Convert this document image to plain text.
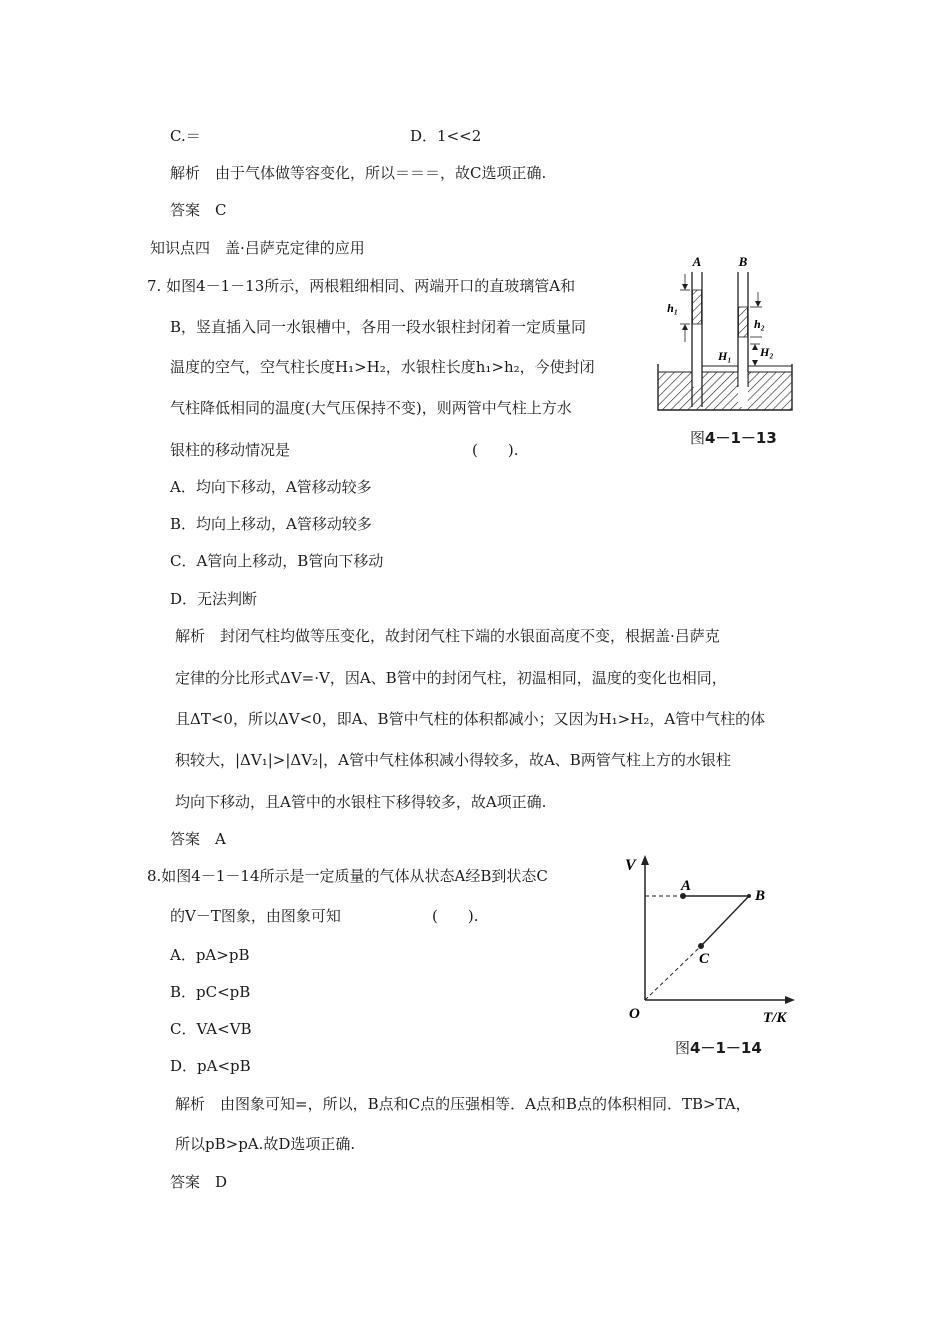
C.＝	D．1<<2
解析　 由于气体做等容变化，所以＝＝＝，故C选项正确.
答案　 C
知识点四　盖·吕萨克定律的应用
7. 如图4－1－13所示，两根粗细相同、两端开口的直玻璃管A和
B，竖直插入同一水银槽中，各用一段水银柱封闭着一定质量同
温度的空气，空气柱长度H₁>H₂，水银柱长度h₁>h₂，今使封闭
气柱降低相同的温度(大气压保持不变)，则两管中气柱上方水
银柱的移动情况是	(　　).
A．均向下移动，A管移动较多
B．均向上移动，A管移动较多
C．A管向上移动，B管向下移动
D．无法判断
解析　 封闭气柱均做等压变化，故封闭气柱下端的水银面高度不变，根据盖·吕萨克
定律的分比形式ΔV=·V，因A、B管中的封闭气柱，初温相同，温度的变化也相同，
且ΔT<0，所以ΔV<0，即A、B管中气柱的体积都减小；又因为H₁>H₂，A管中气柱的体
积较大，|ΔV₁|>|ΔV₂|，A管中气柱体积减小得较多，故A、B两管气柱上方的水银柱
均向下移动，且A管中的水银柱下移得较多，故A项正确.
答案　 A
A	B
h₁
h₂
H₁ H₂
图4－1－13
8.如图4－1－14所示是一定质量的气体从状态A经B到状态C
的V－T图象，由图象可知	(　　).
A．pA>pB
B．pC<pB
C．VA<VB
D．pA<pB
解析　 由图象可知=，所以，B点和C点的压强相等．A点和B点的体积相同．TB>TA，
所以pB>pA.故D选项正确.
答案　 D
V
T/K
O
A
B
C
图4－1－14
